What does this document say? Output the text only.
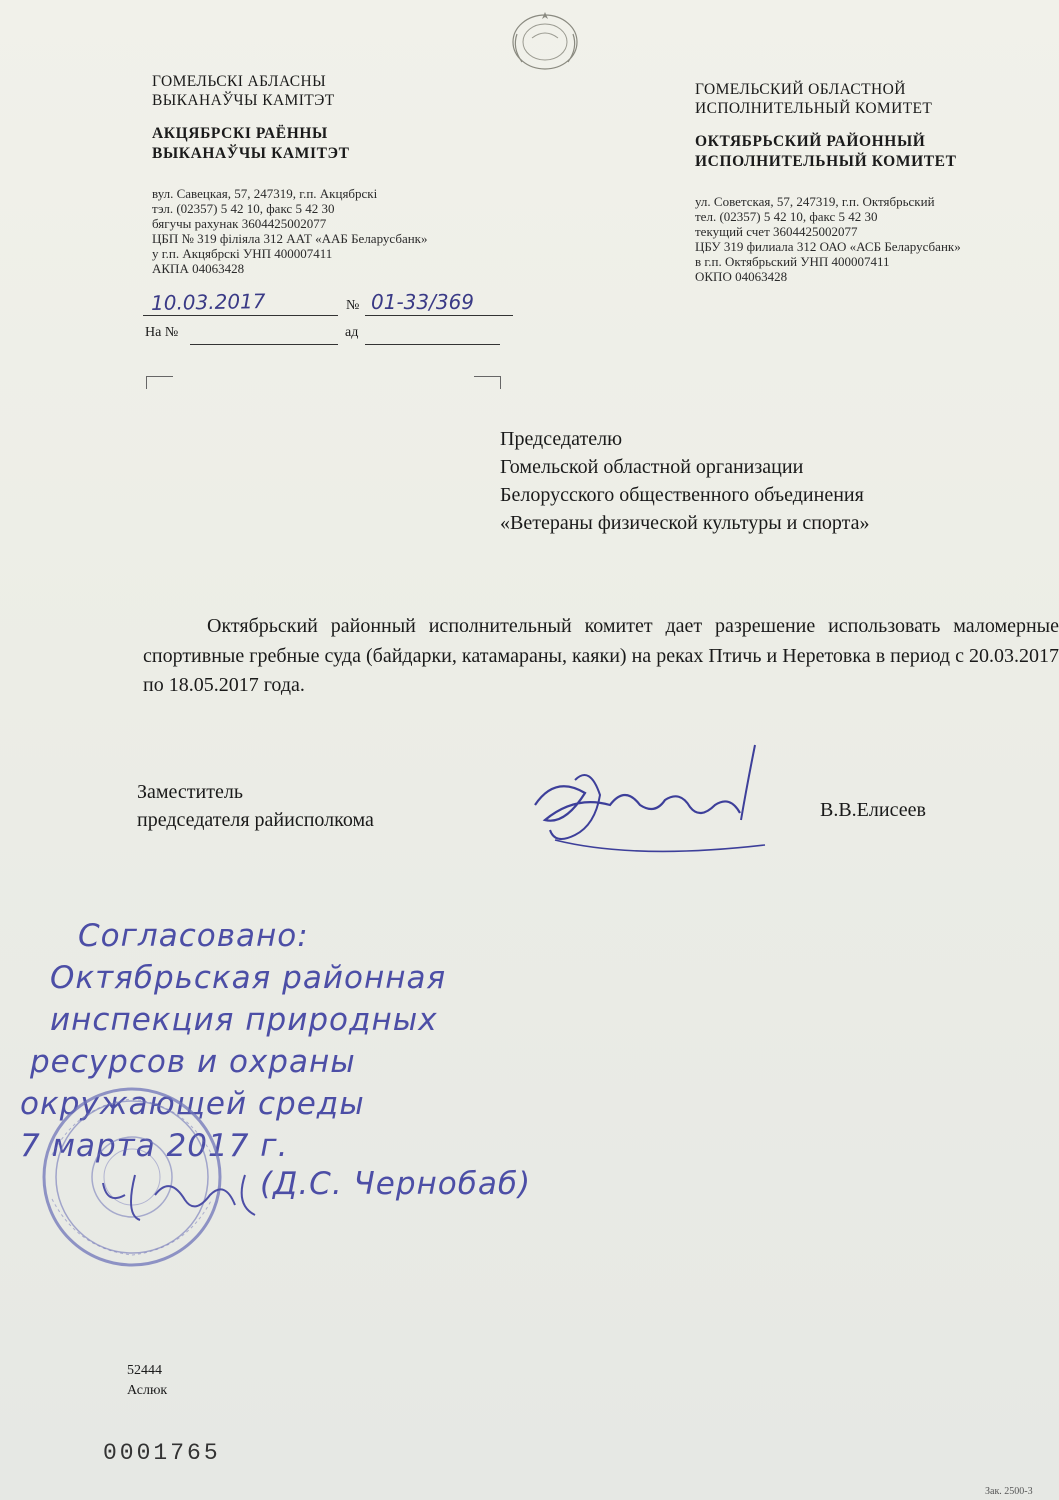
ГОМЕЛЬСКІ АБЛАСНЫ
ВЫКАНАЎЧЫ КАМІТЭТ
АКЦЯБРСКІ РАЁННЫ
ВЫКАНАЎЧЫ КАМІТЭТ
вул. Савецкая, 57, 247319, г.п. Акцябрскі
тэл. (02357) 5 42 10, факс 5 42 30
бягучы рахунак 3604425002077
ЦБП № 319 філіяла 312 ААТ «ААБ Беларусбанк»
у г.п. Акцябрскі УНП 400007411
АКПА 04063428
ГОМЕЛЬСКИЙ ОБЛАСТНОЙ
ИСПОЛНИТЕЛЬНЫЙ КОМИТЕТ
ОКТЯБРЬСКИЙ РАЙОННЫЙ
ИСПОЛНИТЕЛЬНЫЙ КОМИТЕТ
ул. Советская, 57, 247319, г.п. Октябрьский
тел. (02357) 5 42 10, факс 5 42 30
текущий счет 3604425002077
ЦБУ 319 филиала 312 ОАО «АСБ Беларусбанк»
в г.п. Октябрьский УНП 400007411
ОКПО 04063428
10.03.2017	№ 01-33/369
На №	ад
Председателю
Гомельской областной организации
Белорусского общественного объединения
«Ветераны физической культуры и спорта»

Октябрьский районный исполнительный комитет дает разрешение использовать маломерные спортивные гребные суда (байдарки, катамараны, каяки) на реках Птичь и Неретовка в период с 20.03.2017 по 18.05.2017 года.

Заместитель
председателя райисполкома	В.В.Елисеев
Согласовано:
Октябрьская районная
инспекция природных
ресурсов и охраны
окружающей среды
7 марта 2017 г.
(Д.С. Чернобаб)
52444
Аслюк
0001765
Зак. 2500-3
